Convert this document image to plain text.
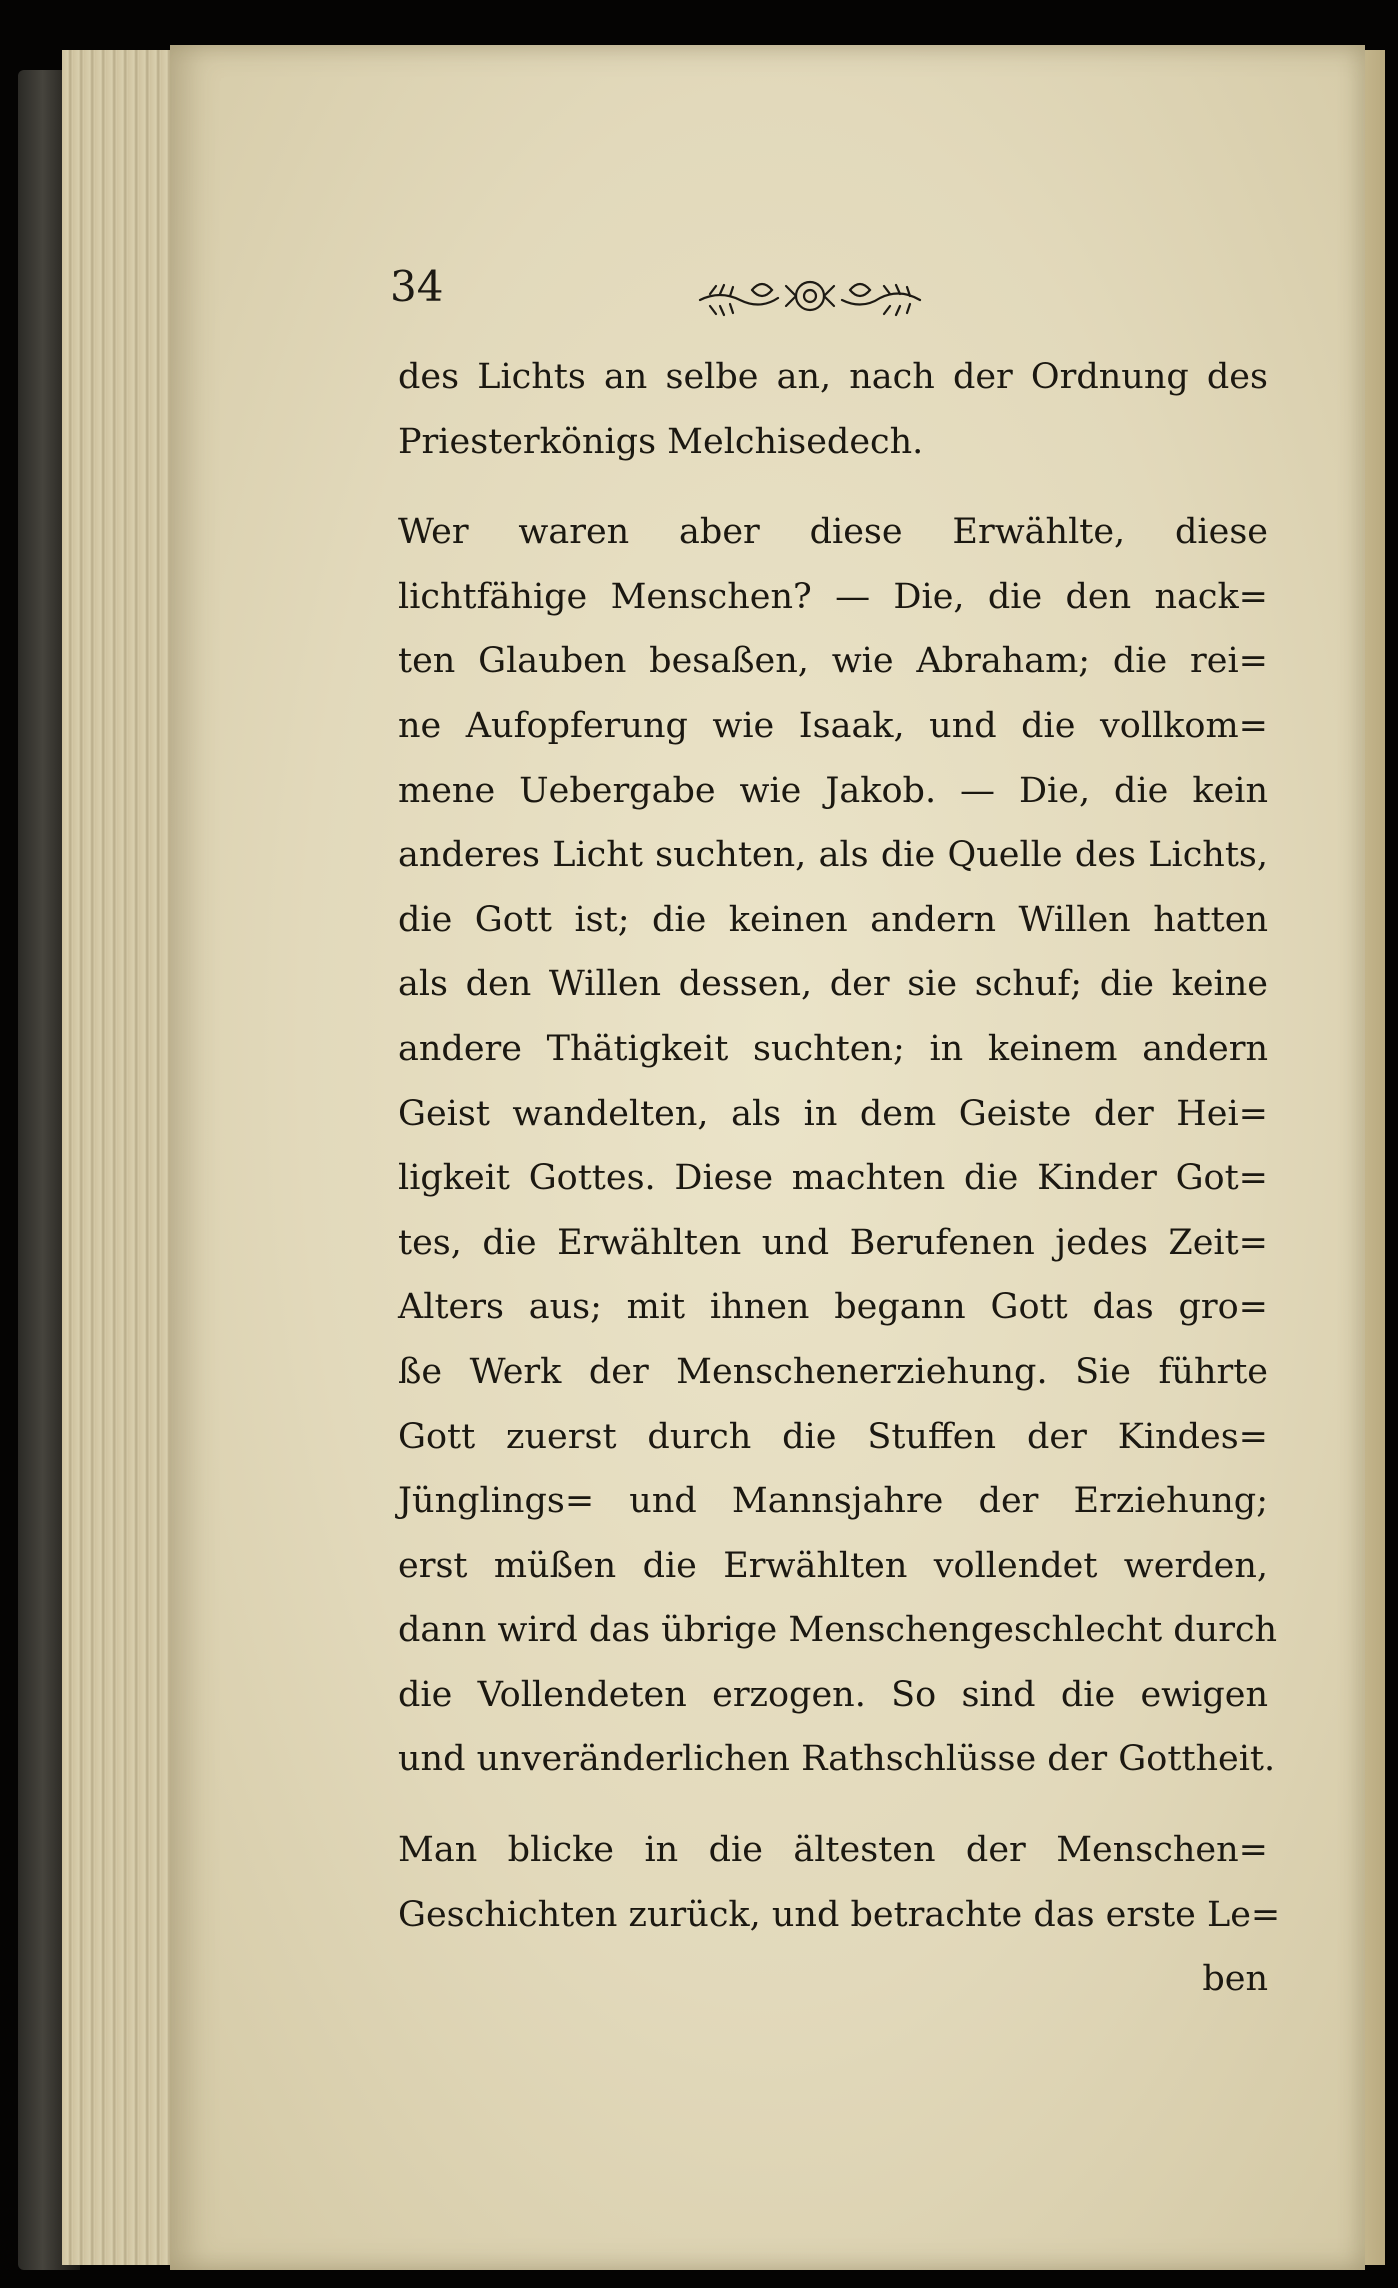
34
des Lichts an selbe an, nach der Ordnung des
Priesterkönigs Melchisedech.
Wer waren aber diese Erwählte, diese
lichtfähige Menschen? — Die, die den nack=
ten Glauben besaßen, wie Abraham; die rei=
ne Aufopferung wie Isaak, und die vollkom=
mene Uebergabe wie Jakob. — Die, die kein
anderes Licht suchten, als die Quelle des Lichts,
die Gott ist; die keinen andern Willen hatten
als den Willen dessen, der sie schuf; die keine
andere Thätigkeit suchten; in keinem andern
Geist wandelten, als in dem Geiste der Hei=
ligkeit Gottes. Diese machten die Kinder Got=
tes, die Erwählten und Berufenen jedes Zeit=
Alters aus; mit ihnen begann Gott das gro=
ße Werk der Menschenerziehung. Sie führte
Gott zuerst durch die Stuffen der Kindes=
Jünglings= und Mannsjahre der Erziehung;
erst müßen die Erwählten vollendet werden,
dann wird das übrige Menschengeschlecht durch
die Vollendeten erzogen. So sind die ewigen
und unveränderlichen Rathschlüsse der Gottheit.
Man blicke in die ältesten der Menschen=
Geschichten zurück, und betrachte das erste Le=
ben
